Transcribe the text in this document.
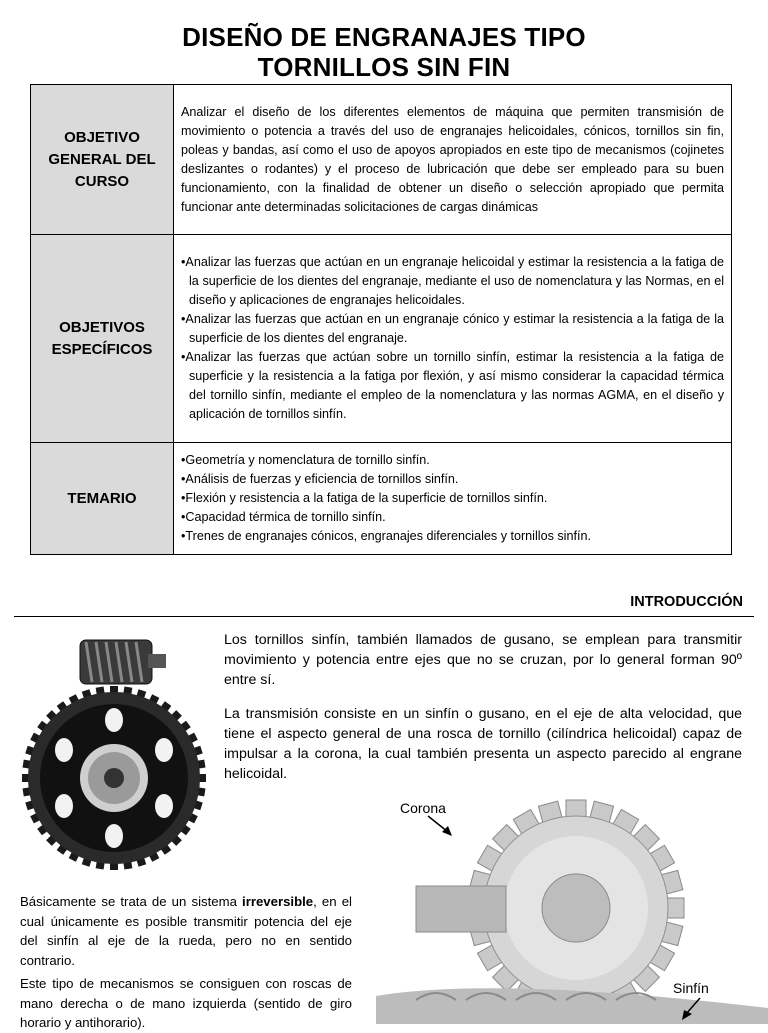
DISEÑO DE ENGRANAJES TIPO
TORNILLOS SIN FIN
OBJETIVO GENERAL DEL CURSO	Analizar el diseño de los diferentes elementos de máquina que permiten transmisión de movimiento o potencia a través del uso de engranajes helicoidales, cónicos, tornillos sin fin, poleas y bandas, así como el uso de apoyos apropiados en este tipo de mecanismos (cojinetes deslizantes o rodantes) y el proceso de lubricación que debe ser empleado para su buen funcionamiento, con la finalidad de obtener un diseño o selección apropiado que permita funcionar ante determinadas solicitaciones de cargas dinámicas
OBJETIVOS ESPECÍFICOS	• Analizar las fuerzas que actúan en un engranaje helicoidal y estimar la resistencia a la fatiga de la superficie de los dientes del engranaje, mediante el uso de nomenclatura y las Normas, en el diseño y aplicaciones de engranajes helicoidales.

• Analizar las fuerzas que actúan en un engranaje cónico y estimar la resistencia a la fatiga de la superficie de los dientes del engranaje.

• Analizar las fuerzas que actúan sobre un tornillo sinfín, estimar la resistencia a la fatiga de superficie y la resistencia a la fatiga por flexión, y así mismo considerar la capacidad térmica del tornillo sinfín, mediante el empleo de la nomenclatura y las normas AGMA, en el diseño y aplicación de tornillos sinfín.

TEMARIO	• Geometría y nomenclatura de tornillo sinfín.

• Análisis de fuerzas y eficiencia de tornillos sinfín.

• Flexión y resistencia a la fatiga de la superficie de tornillos sinfín.

• Capacidad térmica de tornillo sinfín.

• Trenes de engranajes cónicos, engranajes diferenciales y tornillos sinfín.

INTRODUCCIÓN

Los tornillos sinfín, también llamados de gusano, se emplean para transmitir movimiento y potencia entre ejes que no se cruzan, por lo general forman 90º entre sí.

La transmisión consiste en un sinfín o gusano, en el eje de alta velocidad, que tiene el aspecto general de una rosca de tornillo (cilíndrica helicoidal) capaz de impulsar a la corona, la cual también presenta un aspecto parecido al engrane helicoidal.

Corona
Sinfín

Básicamente se trata de un sistema irreversible, en el cual únicamente es posible transmitir potencia del eje del sinfín al eje de la rueda, pero no en sentido contrario.

Este tipo de mecanismos se consiguen con roscas de mano derecha o de mano izquierda (sentido de giro horario y antihorario).
